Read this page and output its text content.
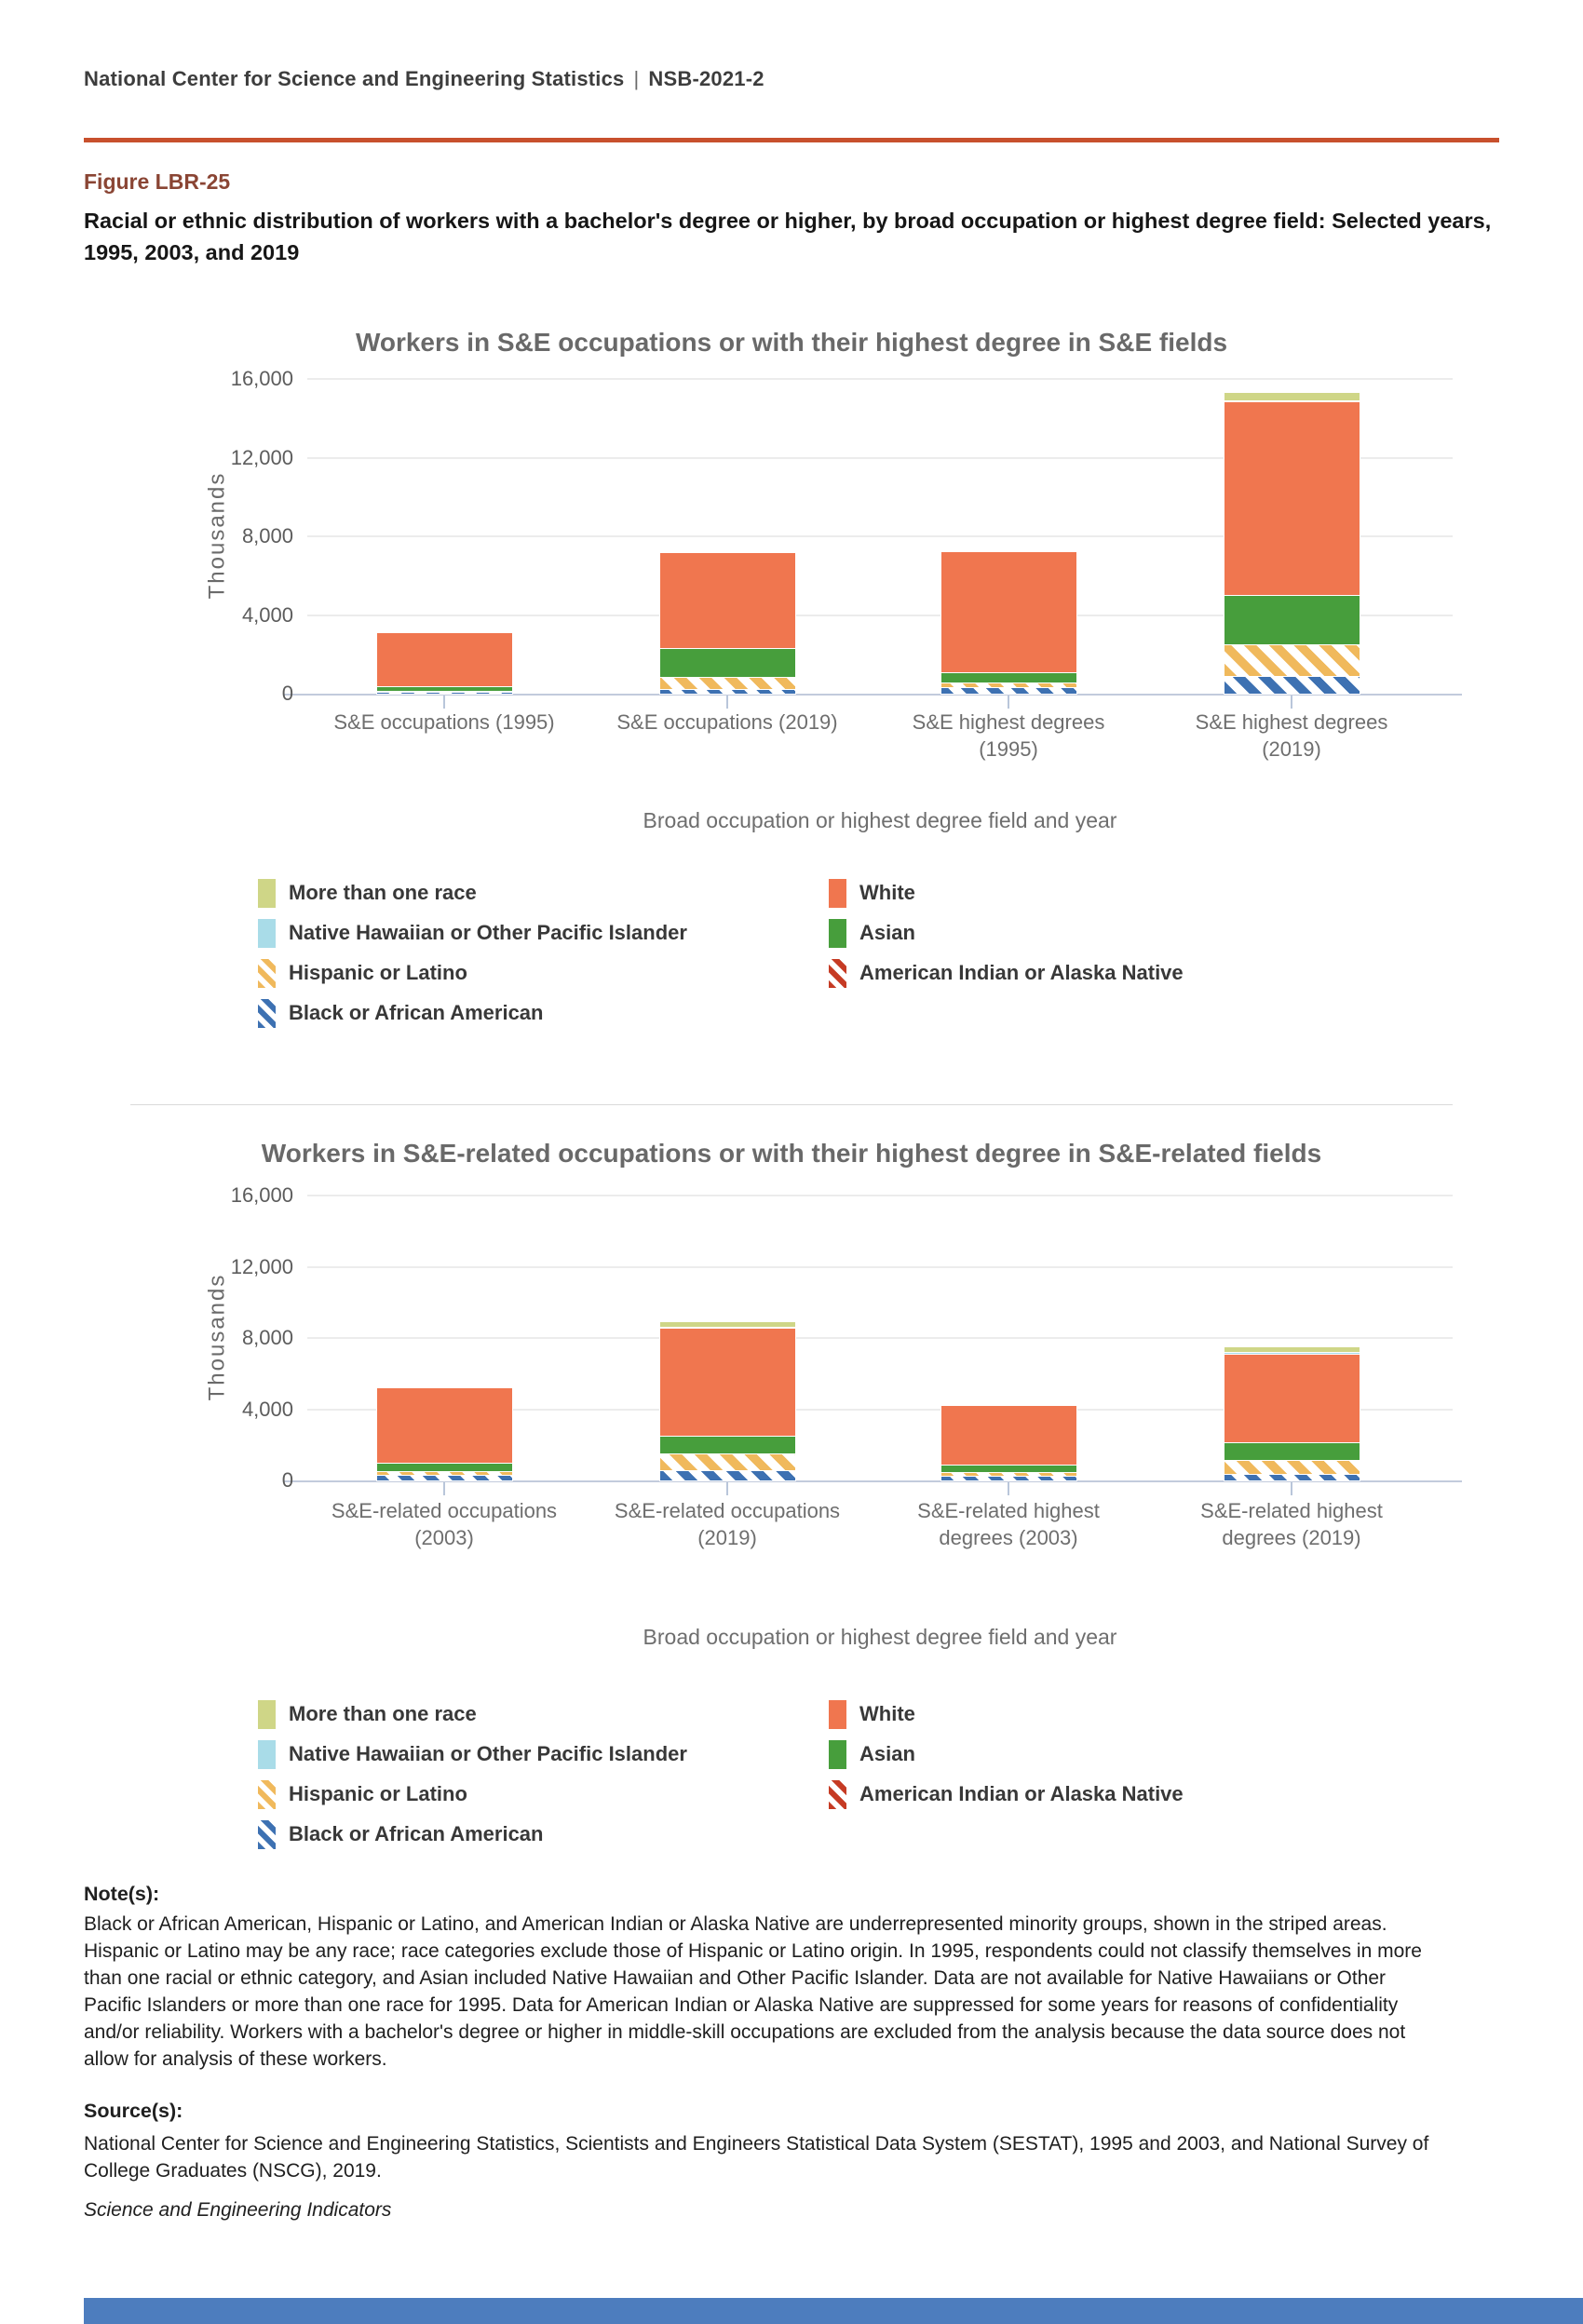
National Center for Science and Engineering Statistics | NSB-2021-2
Figure LBR-25
Racial or ethnic distribution of workers with a bachelor's degree or higher, by broad occupation or highest degree field: Selected years, 1995, 2003, and 2019
Workers in S&E occupations or with their highest degree in S&E fields
Thousands
0
4,000
8,000
12,000
16,000
S&E occupations (1995)	S&E occupations (2019)	S&E highest degrees (1995)
S&E highest degrees (2019)
Broad occupation or highest degree field and year
More than one race
Native Hawaiian or Other Pacific Islander
Hispanic or Latino
Black or African American
White
Asian
American Indian or Alaska Native
Workers in S&E-related occupations or with their highest degree in S&E-related fields
Thousands
0
4,000
8,000
12,000
16,000
S&E-related occupations (2003)
S&E-related occupations (2019)
S&E-related highest degrees (2003)
S&E-related highest degrees (2019)
Broad occupation or highest degree field and year
More than one race
Native Hawaiian or Other Pacific Islander
Hispanic or Latino
Black or African American
White
Asian
American Indian or Alaska Native
Note(s):
Black or African American, Hispanic or Latino, and American Indian or Alaska Native are underrepresented minority groups, shown in the striped areas. Hispanic or Latino may be any race; race categories exclude those of Hispanic or Latino origin. In 1995, respondents could not classify themselves in more than one racial or ethnic category, and Asian included Native Hawaiian and Other Pacific Islander. Data are not available for Native Hawaiians or Other Pacific Islanders or more than one race for 1995. Data for American Indian or Alaska Native are suppressed for some years for reasons of confidentiality and/or reliability. Workers with a bachelor's degree or higher in middle-skill occupations are excluded from the analysis because the data source does not allow for analysis of these workers.
Source(s):
National Center for Science and Engineering Statistics, Scientists and Engineers Statistical Data System (SESTAT), 1995 and 2003, and National Survey of College Graduates (NSCG), 2019.
Science and Engineering Indicators
